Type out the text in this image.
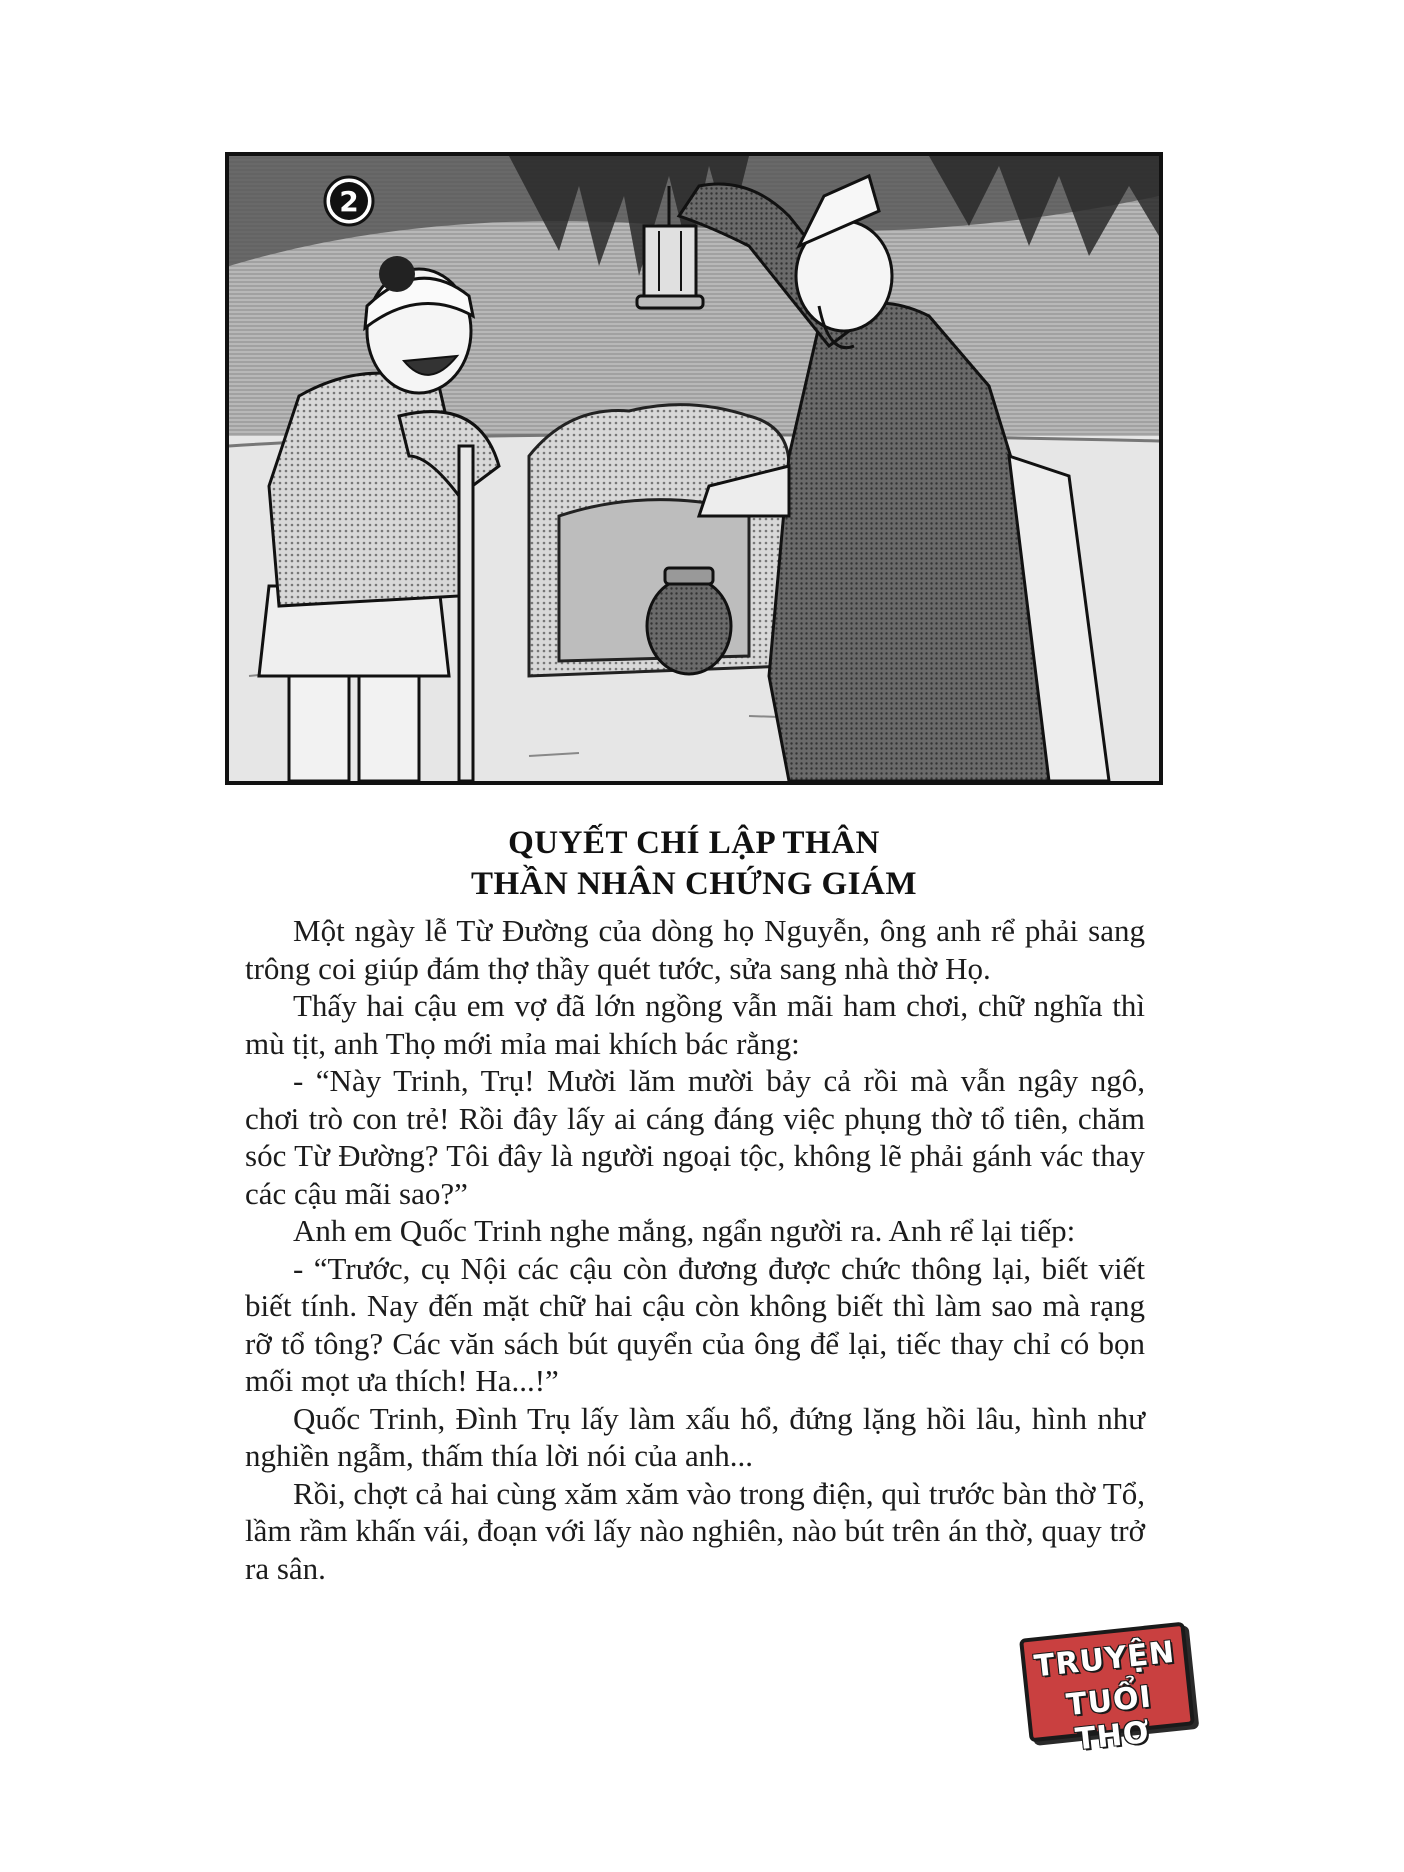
2
QUYẾT CHÍ LẬP THÂN
THẦN NHÂN CHỨNG GIÁM

Một ngày lễ Từ Đường của dòng họ Nguyễn, ông anh rể phải sang trông coi giúp đám thợ thầy quét tước, sửa sang nhà thờ Họ.

Thấy hai cậu em vợ đã lớn ngồng vẫn mãi ham chơi, chữ nghĩa thì mù tịt, anh Thọ mới mỉa mai khích bác rằng:

- “Này Trinh, Trụ! Mười lăm mười bảy cả rồi mà vẫn ngây ngô, chơi trò con trẻ! Rồi đây lấy ai cáng đáng việc phụng thờ tổ tiên, chăm sóc Từ Đường? Tôi đây là người ngoại tộc, không lẽ phải gánh vác thay các cậu mãi sao?”

Anh em Quốc Trinh nghe mắng, ngẩn người ra. Anh rể lại tiếp:

- “Trước, cụ Nội các cậu còn đương được chức thông lại, biết viết biết tính. Nay đến mặt chữ hai cậu còn không biết thì làm sao mà rạng rỡ tổ tông? Các văn sách bút quyển của ông để lại, tiếc thay chỉ có bọn mối mọt ưa thích! Ha...!”

Quốc Trinh, Đình Trụ lấy làm xấu hổ, đứng lặng hồi lâu, hình như nghiền ngẫm, thấm thía lời nói của anh...

Rồi, chợt cả hai cùng xăm xăm vào trong điện, quì trước bàn thờ Tổ, lầm rầm khấn vái, đoạn với lấy nào nghiên, nào bút trên án thờ, quay trở ra sân.

TRUYỆN
TUỔI THƠ
